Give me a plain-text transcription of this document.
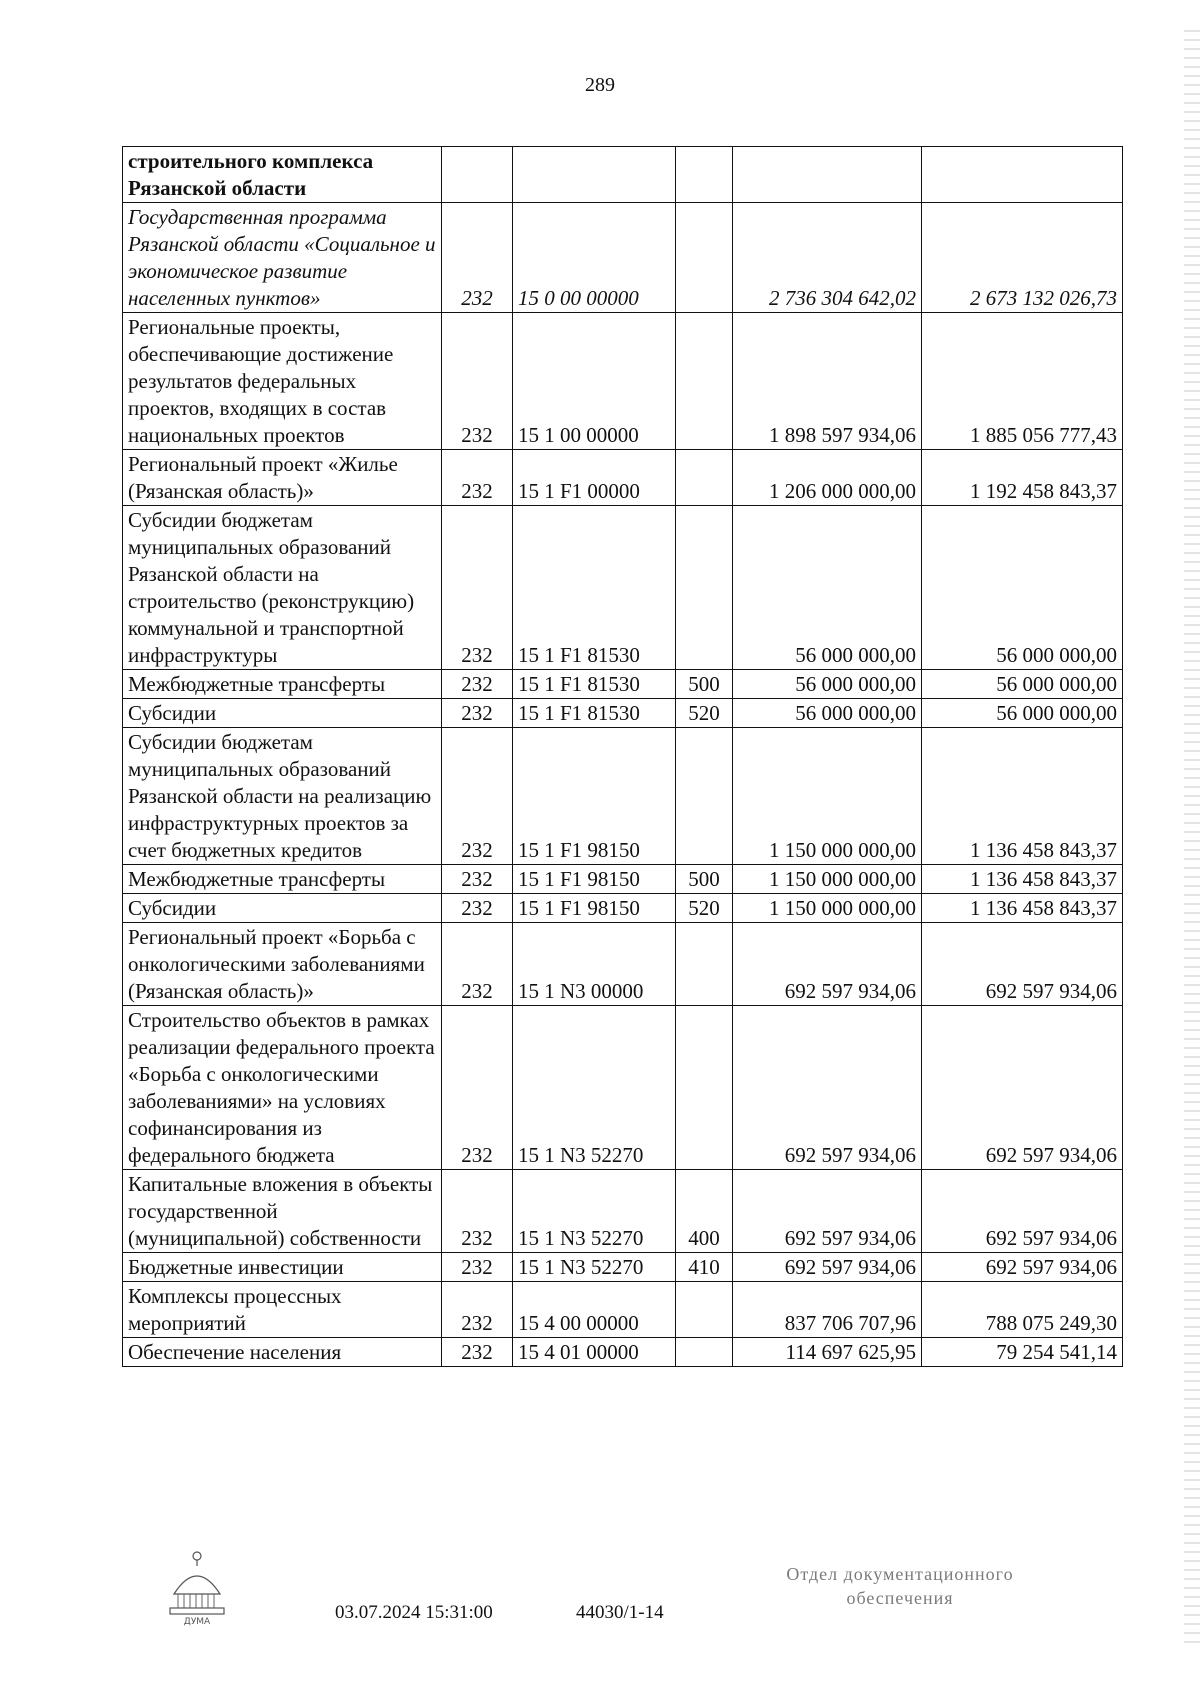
289
строительного комплекса Рязанской области					
Государственная программа Рязанской области «Социальное и экономическое развитие населенных пунктов»	232	15 0 00 00000		2 736 304 642,02	2 673 132 026,73
Региональные проекты, обеспечивающие достижение результатов федеральных проектов, входящих в состав национальных проектов	232	15 1 00 00000		1 898 597 934,06	1 885 056 777,43
Региональный проект «Жилье (Рязанская область)»	232	15 1 F1 00000		1 206 000 000,00	1 192 458 843,37
Субсидии бюджетам муниципальных образований Рязанской области на строительство (реконструкцию) коммунальной и транспортной инфраструктуры	232	15 1 F1 81530		56 000 000,00	56 000 000,00
Межбюджетные трансферты	232	15 1 F1 81530	500	56 000 000,00	56 000 000,00
Субсидии	232	15 1 F1 81530	520	56 000 000,00	56 000 000,00
Субсидии бюджетам муниципальных образований Рязанской области на реализацию инфраструктурных проектов за счет бюджетных кредитов	232	15 1 F1 98150		1 150 000 000,00	1 136 458 843,37
Межбюджетные трансферты	232	15 1 F1 98150	500	1 150 000 000,00	1 136 458 843,37
Субсидии	232	15 1 F1 98150	520	1 150 000 000,00	1 136 458 843,37
Региональный проект «Борьба с онкологическими заболеваниями (Рязанская область)»	232	15 1 N3 00000		692 597 934,06	692 597 934,06
Строительство объектов в рамках реализации федерального проекта «Борьба с онкологическими заболеваниями» на условиях софинансирования из федерального бюджета	232	15 1 N3 52270		692 597 934,06	692 597 934,06
Капитальные вложения в объекты государственной (муниципальной) собственности	232	15 1 N3 52270	400	692 597 934,06	692 597 934,06
Бюджетные инвестиции	232	15 1 N3 52270	410	692 597 934,06	692 597 934,06
Комплексы процессных мероприятий	232	15 4 00 00000		837 706 707,96	788 075 249,30
Обеспечение населения	232	15 4 01 00000		114 697 625,95	79 254 541,14
ДУМА	03.07.2024 15:31:00	44030/1-14
Отдел документационного
обеспечения
